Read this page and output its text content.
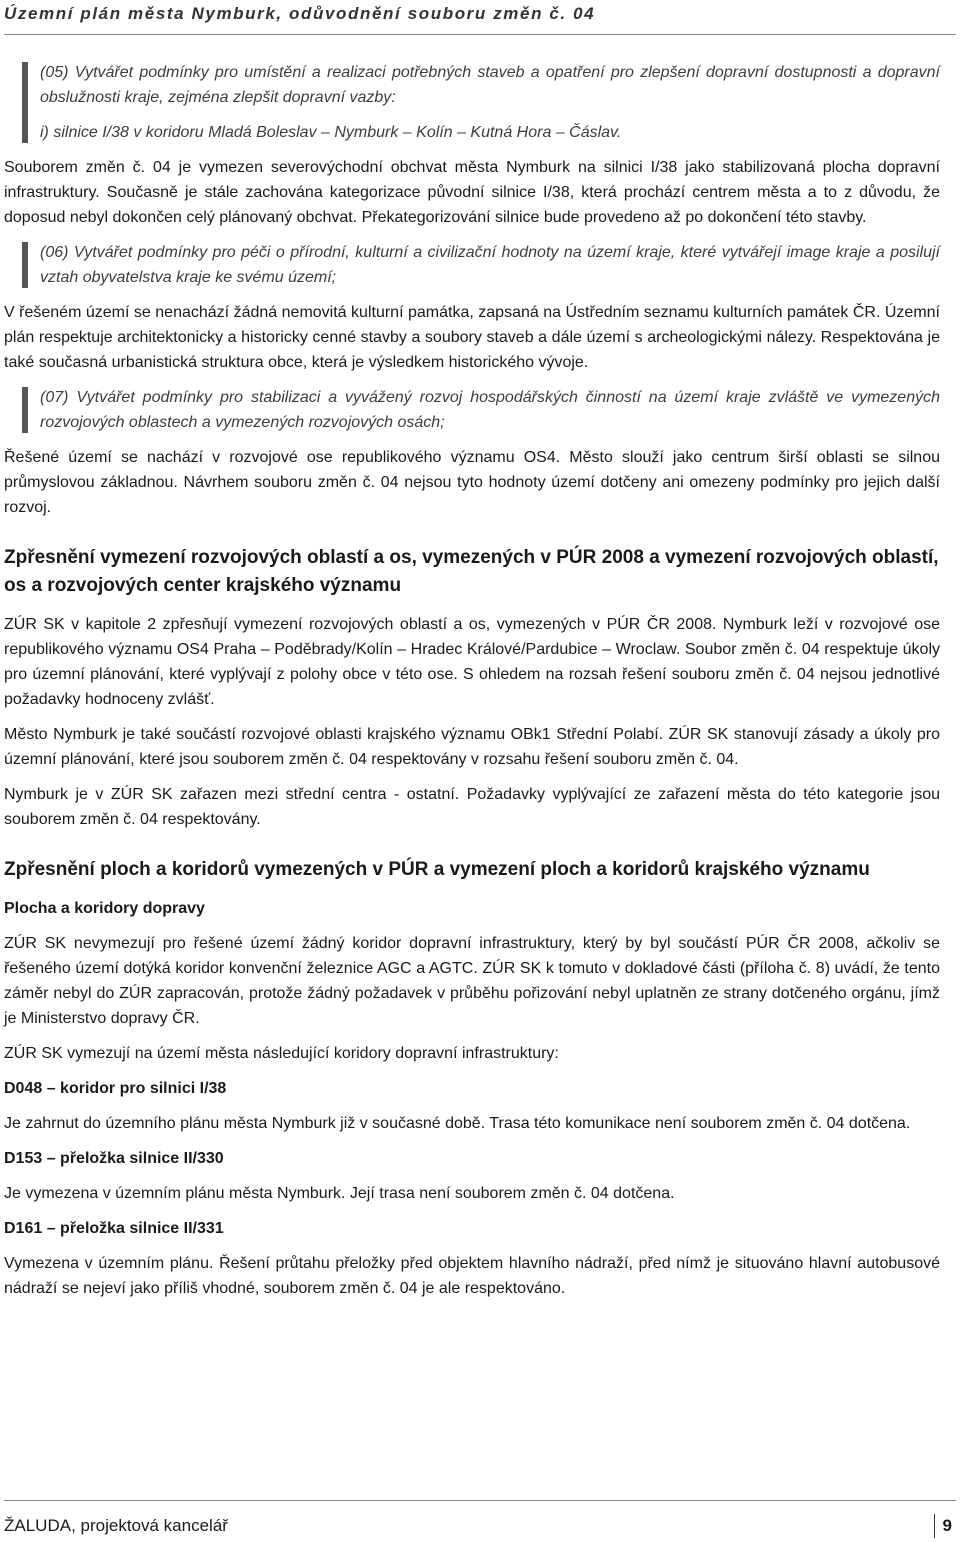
Územní plán města Nymburk, odůvodnění souboru změn č. 04

(05) Vytvářet podmínky pro umístění a realizaci potřebných staveb a opatření pro zlepšení dopravní dostupnosti a dopravní obslužnosti kraje, zejména zlepšit dopravní vazby:

i) silnice I/38 v koridoru Mladá Boleslav – Nymburk – Kolín – Kutná Hora – Čáslav.

Souborem změn č. 04 je vymezen severovýchodní obchvat města Nymburk na silnici I/38 jako stabilizovaná plocha dopravní infrastruktury. Současně je stále zachována kategorizace původní silnice I/38, která prochází centrem města a to z důvodu, že doposud nebyl dokončen celý plánovaný obchvat. Překategorizování silnice bude provedeno až po dokončení této stavby.

(06) Vytvářet podmínky pro péči o přírodní, kulturní a civilizační hodnoty na území kraje, které vytvářejí image kraje a posilují vztah obyvatelstva kraje ke svému území;

V řešeném území se nenachází žádná nemovitá kulturní památka, zapsaná na Ústředním seznamu kulturních památek ČR. Územní plán respektuje architektonicky a historicky cenné stavby a soubory staveb a dále území s archeologickými nálezy. Respektována je také současná urbanistická struktura obce, která je výsledkem historického vývoje.

(07) Vytvářet podmínky pro stabilizaci a vyvážený rozvoj hospodářských činností na území kraje zvláště ve vymezených rozvojových oblastech a vymezených rozvojových osách;

Řešené území se nachází v rozvojové ose republikového významu OS4. Město slouží jako centrum širší oblasti se silnou průmyslovou základnou. Návrhem souboru změn č. 04 nejsou tyto hodnoty území dotčeny ani omezeny podmínky pro jejich další rozvoj.

Zpřesnění vymezení rozvojových oblastí a os, vymezených v PÚR 2008 a vymezení rozvojových oblastí, os a rozvojových center krajského významu

ZÚR SK v kapitole 2 zpřesňují vymezení rozvojových oblastí a os, vymezených v PÚR ČR 2008. Nymburk leží v rozvojové ose republikového významu OS4 Praha – Poděbrady/Kolín – Hradec Králové/Pardubice – Wroclaw. Soubor změn č. 04 respektuje úkoly pro územní plánování, které vyplývají z polohy obce v této ose. S ohledem na rozsah řešení souboru změn č. 04 nejsou jednotlivé požadavky hodnoceny zvlášť.

Město Nymburk je také součástí rozvojové oblasti krajského významu OBk1 Střední Polabí. ZÚR SK stanovují zásady a úkoly pro územní plánování, které jsou souborem změn č. 04 respektovány v rozsahu řešení souboru změn č. 04.

Nymburk je v ZÚR SK zařazen mezi střední centra - ostatní. Požadavky vyplývající ze zařazení města do této kategorie jsou souborem změn č. 04 respektovány.

Zpřesnění ploch a koridorů vymezených v PÚR a vymezení ploch a koridorů krajského významu
Plocha a koridory dopravy

ZÚR SK nevymezují pro řešené území žádný koridor dopravní infrastruktury, který by byl součástí PÚR ČR 2008, ačkoliv se řešeného území dotýká koridor konvenční železnice AGC a AGTC. ZÚR SK k tomuto v dokladové části (příloha č. 8) uvádí, že tento záměr nebyl do ZÚR zapracován, protože žádný požadavek v průběhu pořizování nebyl uplatněn ze strany dotčeného orgánu, jímž je Ministerstvo dopravy ČR.

ZÚR SK vymezují na území města následující koridory dopravní infrastruktury:

D048 – koridor pro silnici I/38

Je zahrnut do územního plánu města Nymburk již v současné době. Trasa této komunikace není souborem změn č. 04 dotčena.

D153 – přeložka silnice II/330

Je vymezena v územním plánu města Nymburk. Její trasa není souborem změn č. 04 dotčena.

D161 – přeložka silnice II/331

Vymezena v územním plánu. Řešení průtahu přeložky před objektem hlavního nádraží, před nímž je situováno hlavní autobusové nádraží se nejeví jako příliš vhodné, souborem změn č. 04 je ale respektováno.

ŽALUDA, projektová kancelář	9
